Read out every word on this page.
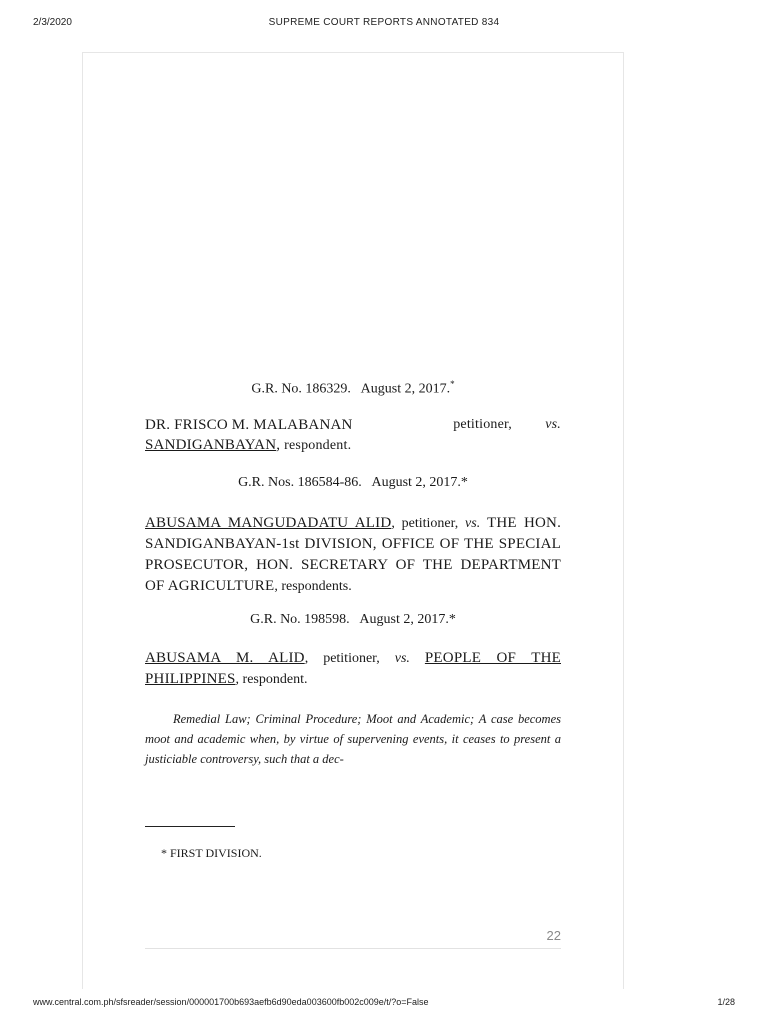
2/3/2020	SUPREME COURT REPORTS ANNOTATED 834
G.R. No. 186329. August 2, 2017.*
DR. FRISCO M. MALABANAN	petitioner, vs.
SANDIGANBAYAN, respondent.
G.R. Nos. 186584-86. August 2, 2017.*
ABUSAMA MANGUDADATU ALID, petitioner, vs. THE HON. SANDIGANBAYAN-1st DIVISION, OFFICE OF THE SPECIAL PROSECUTOR, HON. SECRETARY OF THE DEPARTMENT OF AGRICULTURE, respondents.
G.R. No. 198598. August 2, 2017.*
ABUSAMA M. ALID, petitioner, vs. PEOPLE OF THE PHILIPPINES, respondent.
Remedial Law; Criminal Procedure; Moot and Academic; A case becomes moot and academic when, by virtue of supervening events, it ceases to present a justiciable controversy, such that a dec-
* FIRST DIVISION.
22
www.central.com.ph/sfsreader/session/000001700b693aefb6d90eda003600fb002c009e/t/?o=False	1/28
